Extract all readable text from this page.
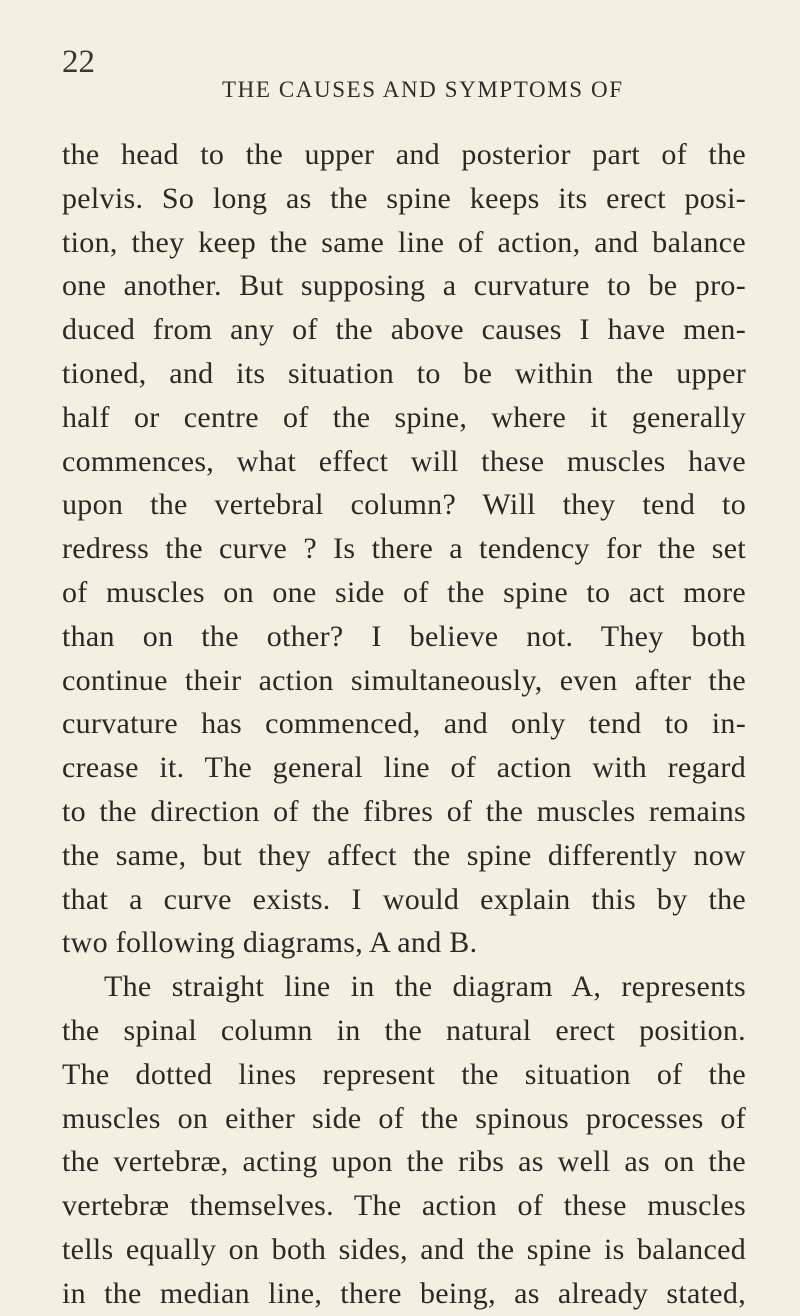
22
THE CAUSES AND SYMPTOMS OF
the head to the upper and posterior part of the
pelvis. So long as the spine keeps its erect posi-
tion, they keep the same line of action, and balance
one another. But supposing a curvature to be pro-
duced from any of the above causes I have men-
tioned, and its situation to be within the upper
half or centre of the spine, where it generally
commences, what effect will these muscles have
upon the vertebral column? Will they tend to
redress the curve ? Is there a tendency for the set
of muscles on one side of the spine to act more
than on the other? I believe not. They both
continue their action simultaneously, even after the
curvature has commenced, and only tend to in-
crease it. The general line of action with regard
to the direction of the fibres of the muscles remains
the same, but they affect the spine differently now
that a curve exists. I would explain this by the
two following diagrams, A and B.
The straight line in the diagram A, represents
the spinal column in the natural erect position.
The dotted lines represent the situation of the
muscles on either side of the spinous processes of
the vertebræ, acting upon the ribs as well as on the
vertebræ themselves. The action of these muscles
tells equally on both sides, and the spine is balanced
in the median line, there being, as already stated,
